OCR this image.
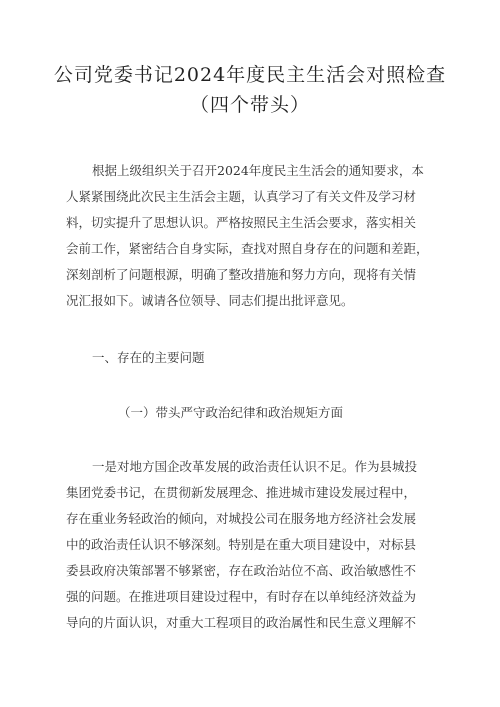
公司党委书记2024年度民主生活会对照检查
（四个带头）
根据上级组织关于召开2024年度民主生活会的通知要求，本
人紧紧围绕此次民主生活会主题，认真学习了有关文件及学习材
料，切实提升了思想认识。严格按照民主生活会要求，落实相关
会前工作，紧密结合自身实际，查找对照自身存在的问题和差距，
深刻剖析了问题根源，明确了整改措施和努力方向，现将有关情
况汇报如下。诚请各位领导、同志们提出批评意见。
一、存在的主要问题
（一）带头严守政治纪律和政治规矩方面
一是对地方国企改革发展的政治责任认识不足。作为县城投
集团党委书记，在贯彻新发展理念、推进城市建设发展过程中，
存在重业务轻政治的倾向，对城投公司在服务地方经济社会发展
中的政治责任认识不够深刻。特别是在重大项目建设中，对标县
委县政府决策部署不够紧密，存在政治站位不高、政治敏感性不
强的问题。在推进项目建设过程中，有时存在以单纯经济效益为
导向的片面认识，对重大工程项目的政治属性和民生意义理解不
